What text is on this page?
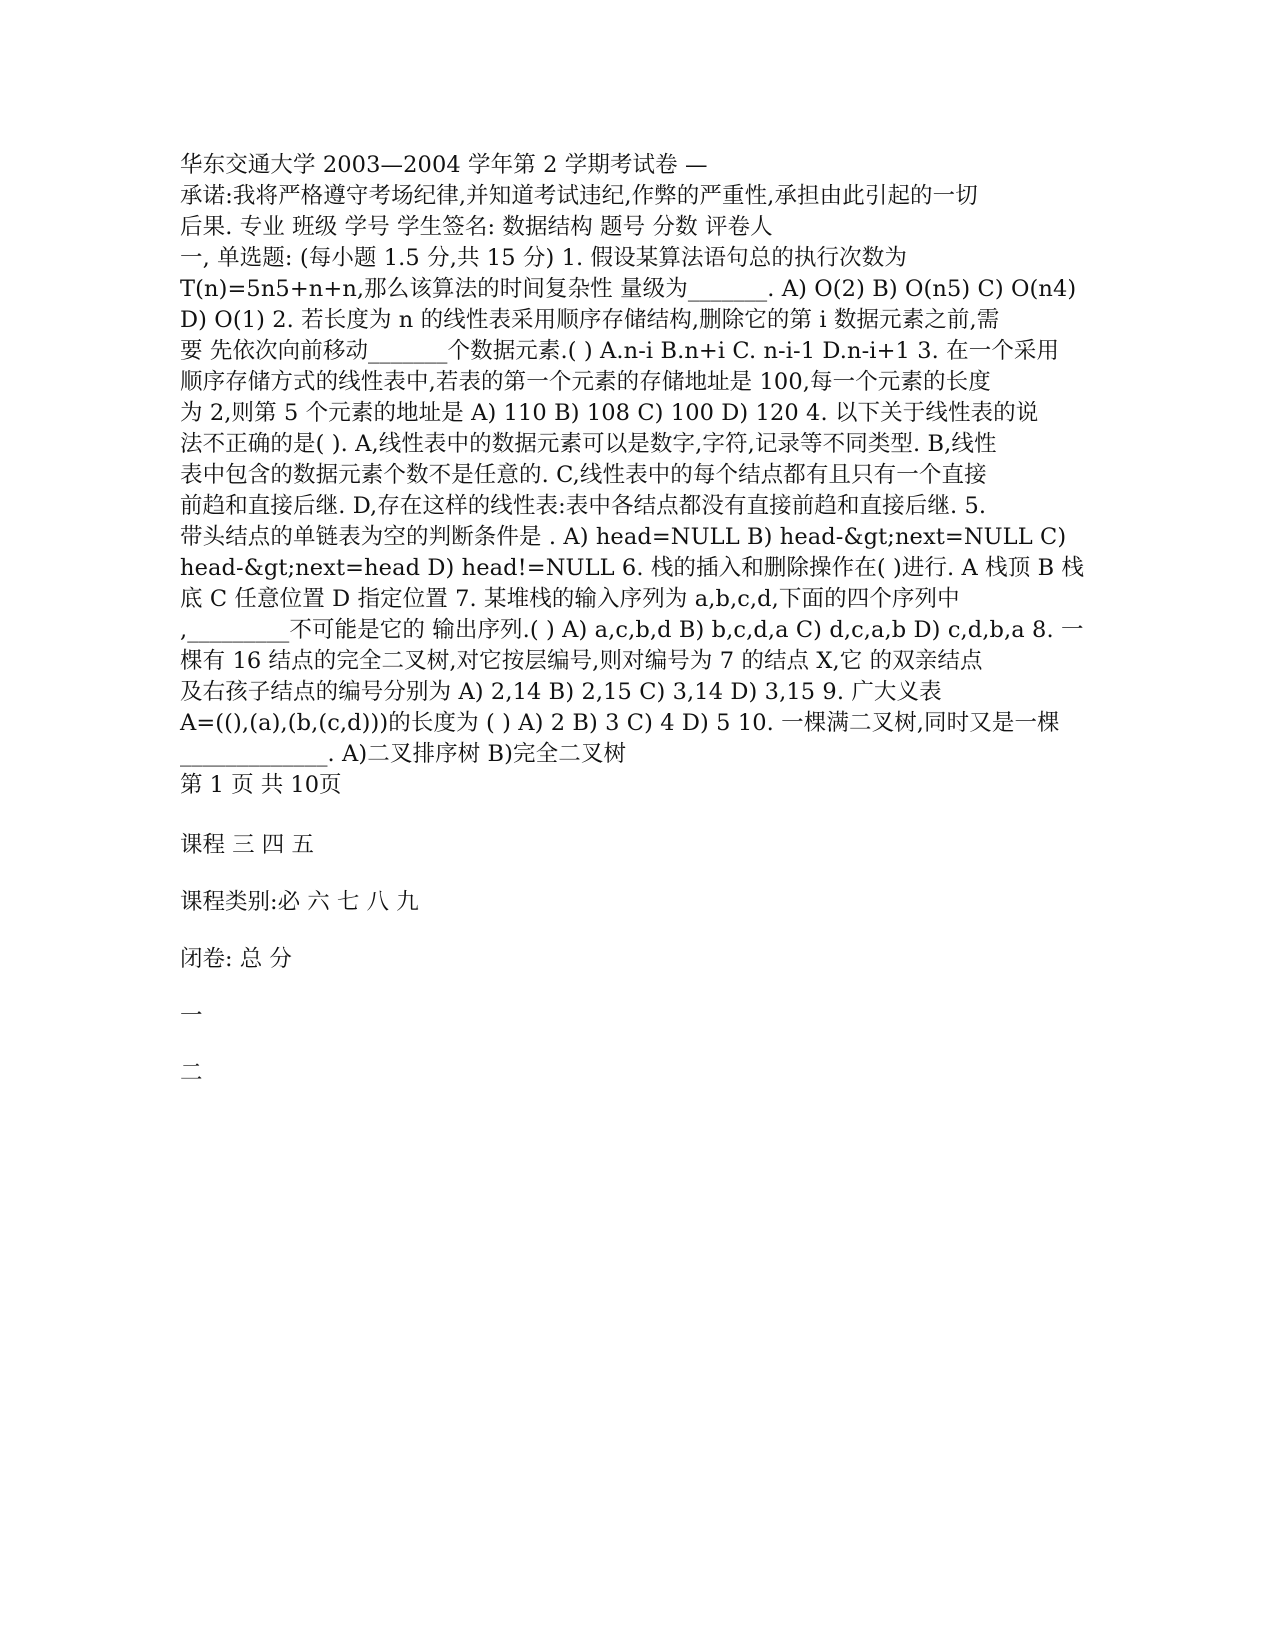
华东交通大学 2003—2004 学年第 2 学期考试卷 —
承诺:我将严格遵守考场纪律,并知道考试违纪,作弊的严重性,承担由此引起的一切
后果. 专业 班级 学号 学生签名: 数据结构 题号 分数 评卷人
一, 单选题: (每小题 1.5 分,共 15 分) 1. 假设某算法语句总的执行次数为
T(n)=5n5+n+n,那么该算法的时间复杂性 量级为_______. A) O(2) B) O(n5) C) O(n4)
D) O(1) 2. 若长度为 n 的线性表采用顺序存储结构,删除它的第 i 数据元素之前,需
要 先依次向前移动_______个数据元素.( ) A.n-i B.n+i C. n-i-1 D.n-i+1 3. 在一个采用
顺序存储方式的线性表中,若表的第一个元素的存储地址是 100,每一个元素的长度
为 2,则第 5 个元素的地址是 A) 110 B) 108 C) 100 D) 120 4. 以下关于线性表的说
法不正确的是( ). A,线性表中的数据元素可以是数字,字符,记录等不同类型. B,线性
表中包含的数据元素个数不是任意的. C,线性表中的每个结点都有且只有一个直接
前趋和直接后继. D,存在这样的线性表:表中各结点都没有直接前趋和直接后继. 5.
带头结点的单链表为空的判断条件是 . A) head=NULL B) head-&gt;next=NULL C)
head-&gt;next=head D) head!=NULL 6. 栈的插入和删除操作在( )进行. A 栈顶 B 栈
底 C 任意位置 D 指定位置 7. 某堆栈的输入序列为 a,b,c,d,下面的四个序列中
,_________不可能是它的 输出序列.( ) A) a,c,b,d B) b,c,d,a C) d,c,a,b D) c,d,b,a 8. 一
棵有 16 结点的完全二叉树,对它按层编号,则对编号为 7 的结点 X,它 的双亲结点
及右孩子结点的编号分别为 A) 2,14 B) 2,15 C) 3,14 D) 3,15 9. 广大义表
A=((),(a),(b,(c,d)))的长度为 ( ) A) 2 B) 3 C) 4 D) 5 10. 一棵满二叉树,同时又是一棵
_____________. A)二叉排序树 B)完全二叉树
第 1 页 共 10页
课程 三 四 五
课程类别:必 六 七 八 九
闭卷: 总 分
一
二
